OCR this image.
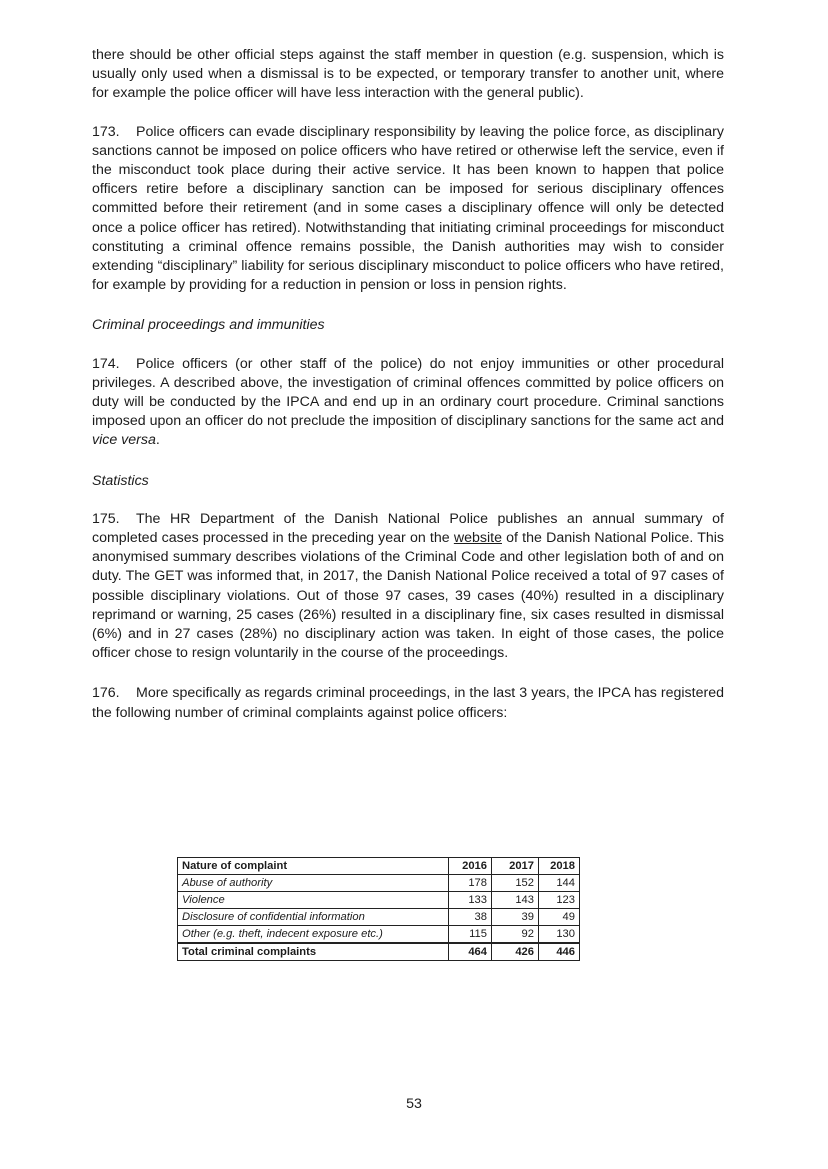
there should be other official steps against the staff member in question (e.g. suspension, which is usually only used when a dismissal is to be expected, or temporary transfer to another unit, where for example the police officer will have less interaction with the general public).

173. Police officers can evade disciplinary responsibility by leaving the police force, as disciplinary sanctions cannot be imposed on police officers who have retired or otherwise left the service, even if the misconduct took place during their active service. It has been known to happen that police officers retire before a disciplinary sanction can be imposed for serious disciplinary offences committed before their retirement (and in some cases a disciplinary offence will only be detected once a police officer has retired). Notwithstanding that initiating criminal proceedings for misconduct constituting a criminal offence remains possible, the Danish authorities may wish to consider extending “disciplinary” liability for serious disciplinary misconduct to police officers who have retired, for example by providing for a reduction in pension or loss in pension rights.

Criminal proceedings and immunities

174. Police officers (or other staff of the police) do not enjoy immunities or other procedural privileges. A described above, the investigation of criminal offences committed by police officers on duty will be conducted by the IPCA and end up in an ordinary court procedure. Criminal sanctions imposed upon an officer do not preclude the imposition of disciplinary sanctions for the same act and vice versa.

Statistics

175. The HR Department of the Danish National Police publishes an annual summary of completed cases processed in the preceding year on the website of the Danish National Police. This anonymised summary describes violations of the Criminal Code and other legislation both of and on duty. The GET was informed that, in 2017, the Danish National Police received a total of 97 cases of possible disciplinary violations. Out of those 97 cases, 39 cases (40%) resulted in a disciplinary reprimand or warning, 25 cases (26%) resulted in a disciplinary fine, six cases resulted in dismissal (6%) and in 27 cases (28%) no disciplinary action was taken. In eight of those cases, the police officer chose to resign voluntarily in the course of the proceedings.

176. More specifically as regards criminal proceedings, in the last 3 years, the IPCA has registered the following number of criminal complaints against police officers:

Nature of complaint	2016	2017	2018
Abuse of authority	178	152	144
Violence	133	143	123
Disclosure of confidential information	38	39	49
Other (e.g. theft, indecent exposure etc.)	115	92	130
Total criminal complaints	464	426	446
53
